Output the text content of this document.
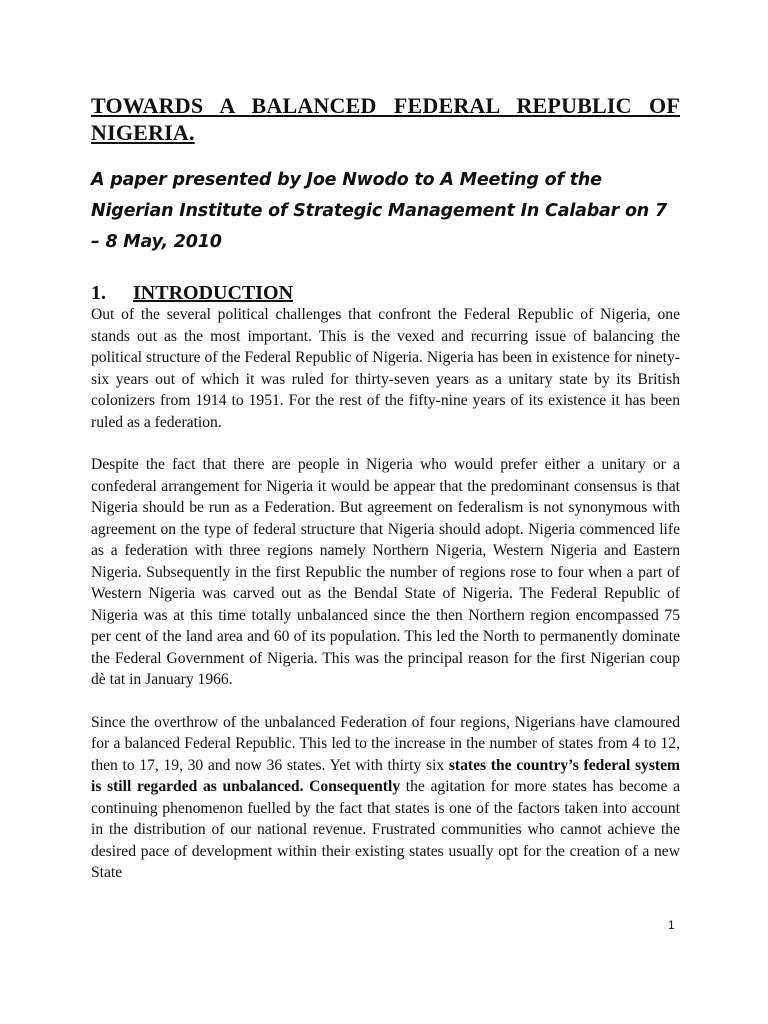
TOWARDS A BALANCED FEDERAL REPUBLIC OF NIGERIA.

A paper presented by Joe Nwodo to A Meeting of the Nigerian Institute of Strategic Management In Calabar on 7 – 8 May, 2010

1. INTRODUCTION

Out of the several political challenges that confront the Federal Republic of Nigeria, one stands out as the most important. This is the vexed and recurring issue of balancing the political structure of the Federal Republic of Nigeria. Nigeria has been in existence for ninety-six years out of which it was ruled for thirty-seven years as a unitary state by its British colonizers from 1914 to 1951. For the rest of the fifty-nine years of its existence it has been ruled as a federation.

Despite the fact that there are people in Nigeria who would prefer either a unitary or a confederal arrangement for Nigeria it would be appear that the predominant consensus is that Nigeria should be run as a Federation. But agreement on federalism is not synonymous with agreement on the type of federal structure that Nigeria should adopt. Nigeria commenced life as a federation with three regions namely Northern Nigeria, Western Nigeria and Eastern Nigeria. Subsequently in the first Republic the number of regions rose to four when a part of Western Nigeria was carved out as the Bendal State of Nigeria. The Federal Republic of Nigeria was at this time totally unbalanced since the then Northern region encompassed 75 per cent of the land area and 60 of its population. This led the North to permanently dominate the Federal Government of Nigeria. This was the principal reason for the first Nigerian coup dè tat in January 1966.

Since the overthrow of the unbalanced Federation of four regions, Nigerians have clamoured for a balanced Federal Republic. This led to the increase in the number of states from 4 to 12, then to 17, 19, 30 and now 36 states. Yet with thirty six states the country’s federal system is still regarded as unbalanced. Consequently the agitation for more states has become a continuing phenomenon fuelled by the fact that states is one of the factors taken into account in the distribution of our national revenue. Frustrated communities who cannot achieve the desired pace of development within their existing states usually opt for the creation of a new State

1
